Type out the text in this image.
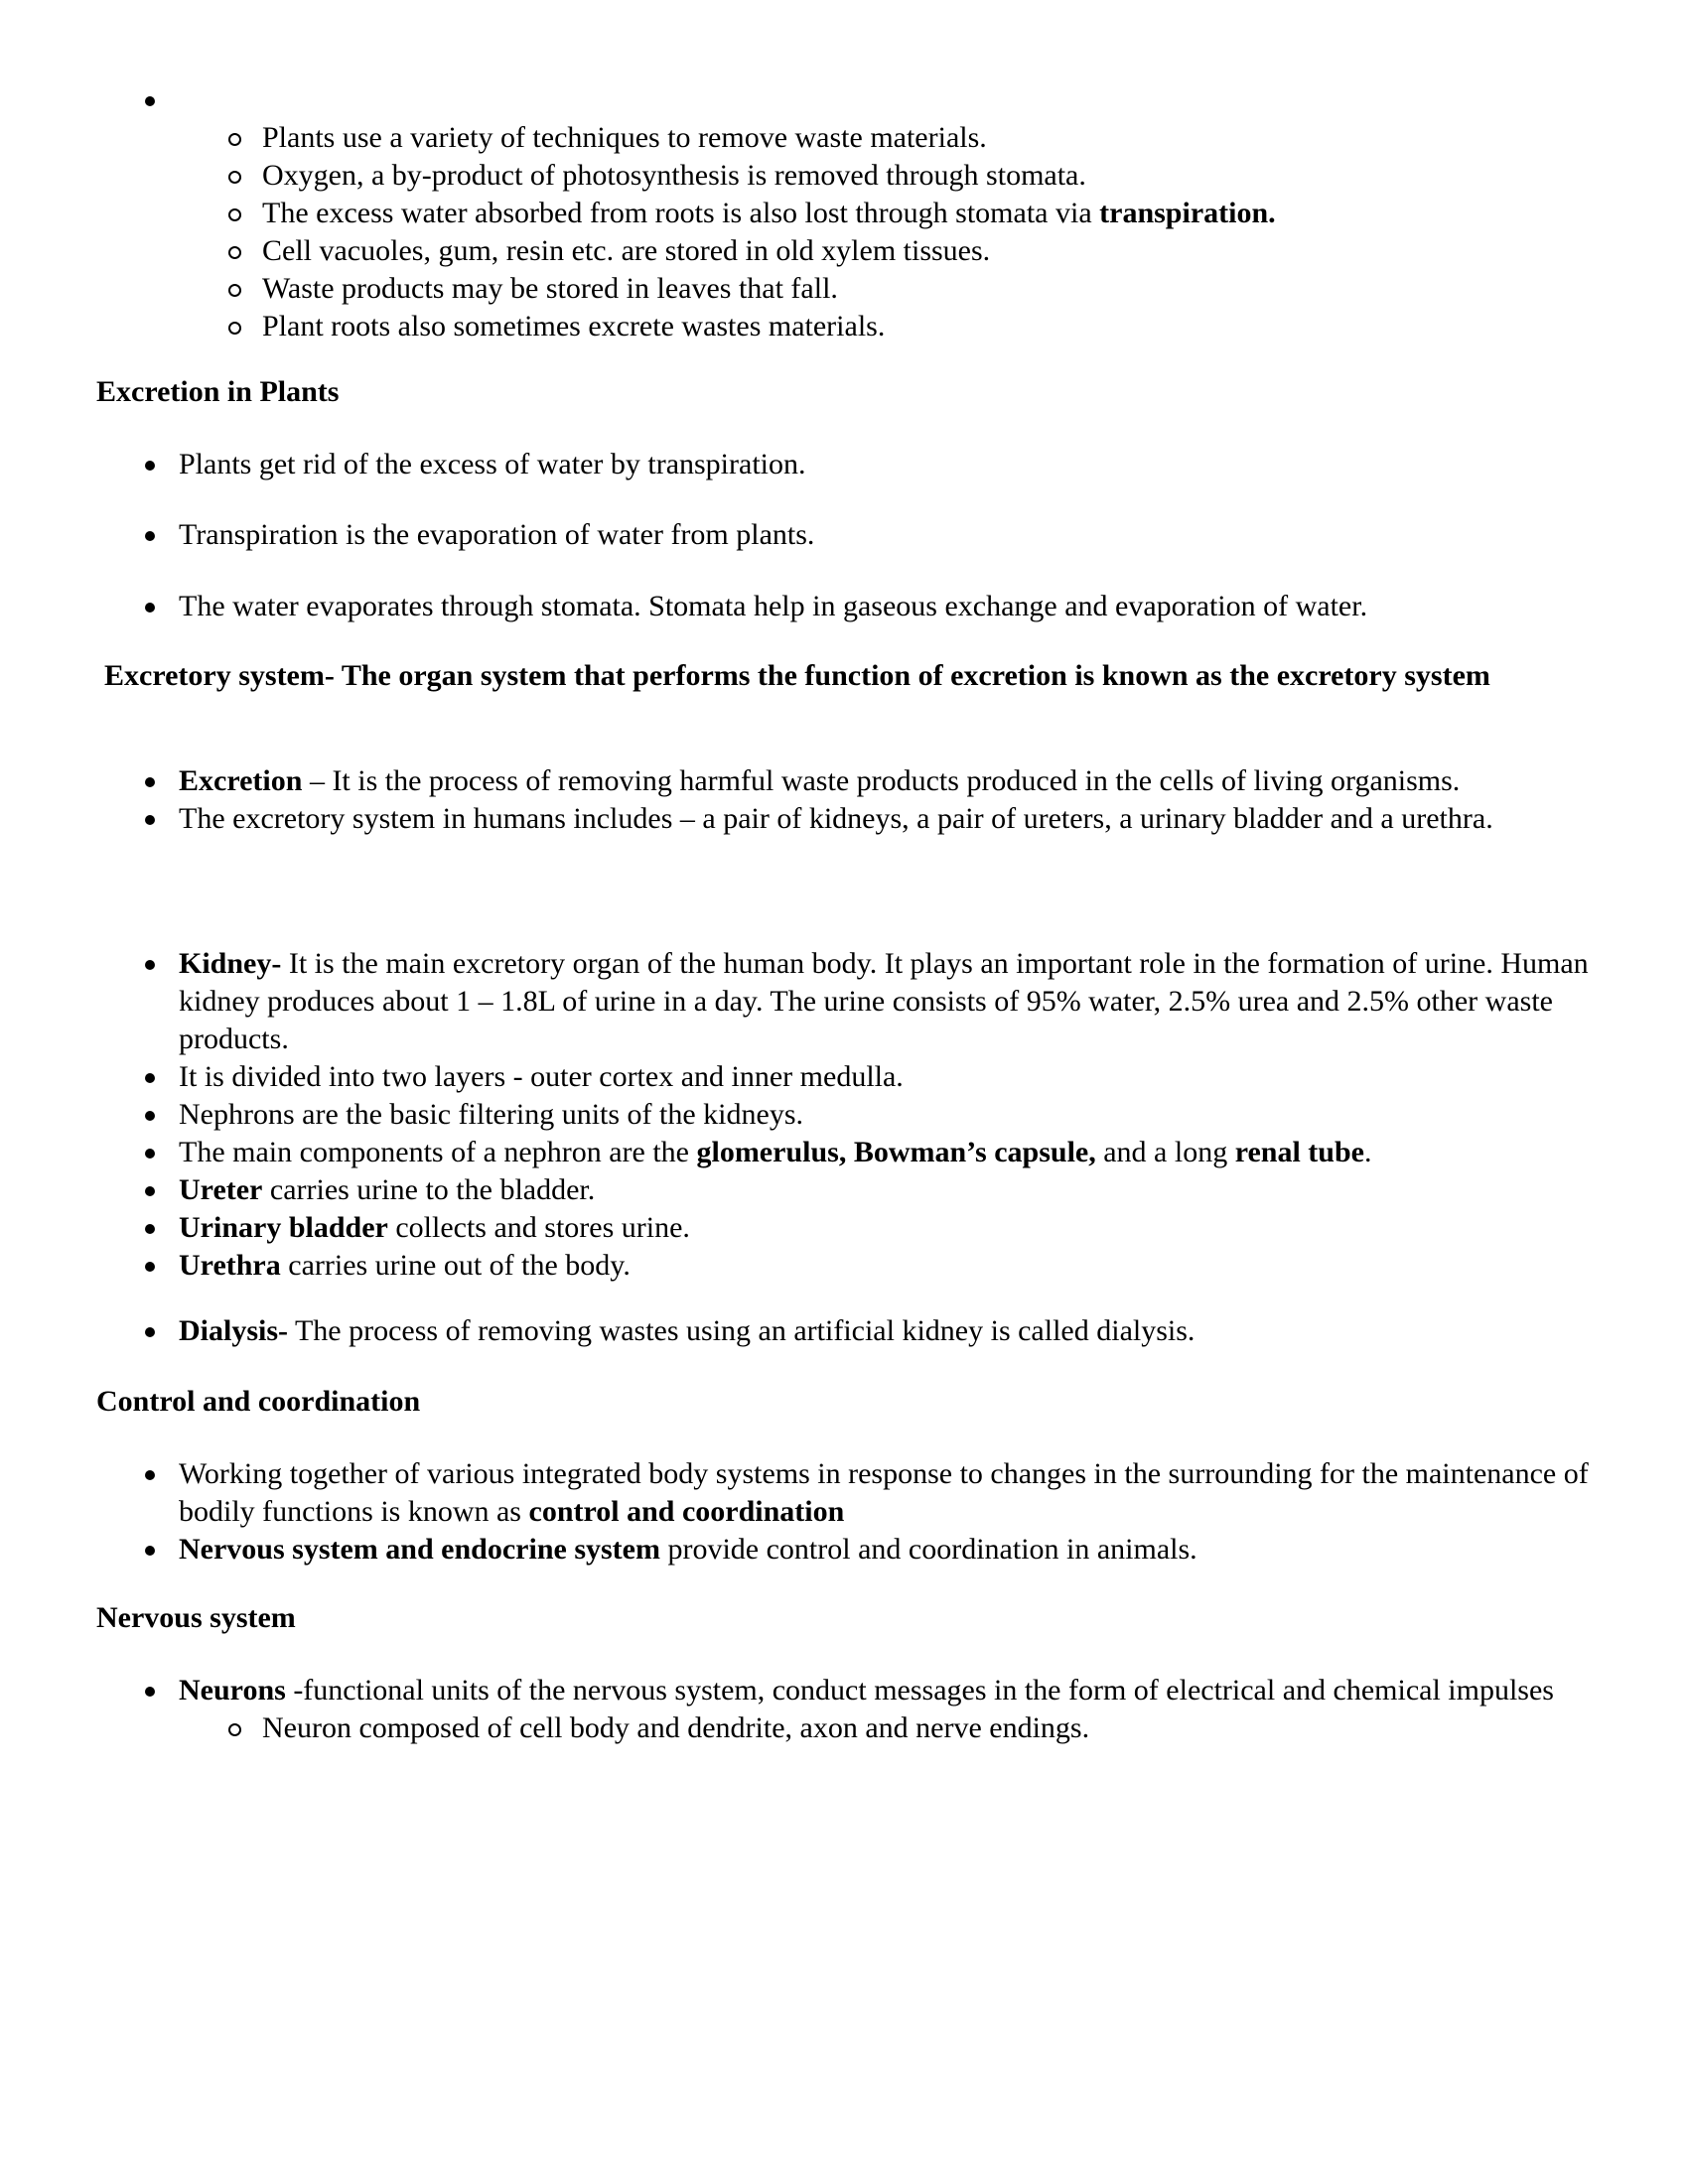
Plants use a variety of techniques to remove waste materials.
Oxygen, a by-product of photosynthesis is removed through stomata.
The excess water absorbed from roots is also lost through stomata via transpiration.
Cell vacuoles, gum, resin etc. are stored in old xylem tissues.
Waste products may be stored in leaves that fall.
Plant roots also sometimes excrete wastes materials.
Excretion in Plants
Plants get rid of the excess of water by transpiration.
Transpiration is the evaporation of water from plants.
The water evaporates through stomata. Stomata help in gaseous exchange and evaporation of water.
Excretory system- The organ system that performs the function of excretion is known as the excretory system
Excretion – It is the process of removing harmful waste products produced in the cells of living organisms.
The excretory system in humans includes – a pair of kidneys, a pair of ureters, a urinary bladder and a urethra.
Kidney- It is the main excretory organ of the human body. It plays an important role in the formation of urine. Human kidney produces about 1 – 1.8L of urine in a day. The urine consists of 95% water, 2.5% urea and 2.5% other waste products.
It is divided into two layers - outer cortex and inner medulla.
Nephrons are the basic filtering units of the kidneys.
The main components of a nephron are the glomerulus, Bowman’s capsule, and a long renal tube.
Ureter carries urine to the bladder.
Urinary bladder collects and stores urine.
Urethra carries urine out of the body.
Dialysis- The process of removing wastes using an artificial kidney is called dialysis.
Control and coordination
Working together of various integrated body systems in response to changes in the surrounding for the maintenance of bodily functions is known as control and coordination
Nervous system and endocrine system provide control and coordination in animals.
Nervous system
Neurons -functional units of the nervous system, conduct messages in the form of electrical and chemical impulses
Neuron composed of cell body and dendrite, axon and nerve endings.
